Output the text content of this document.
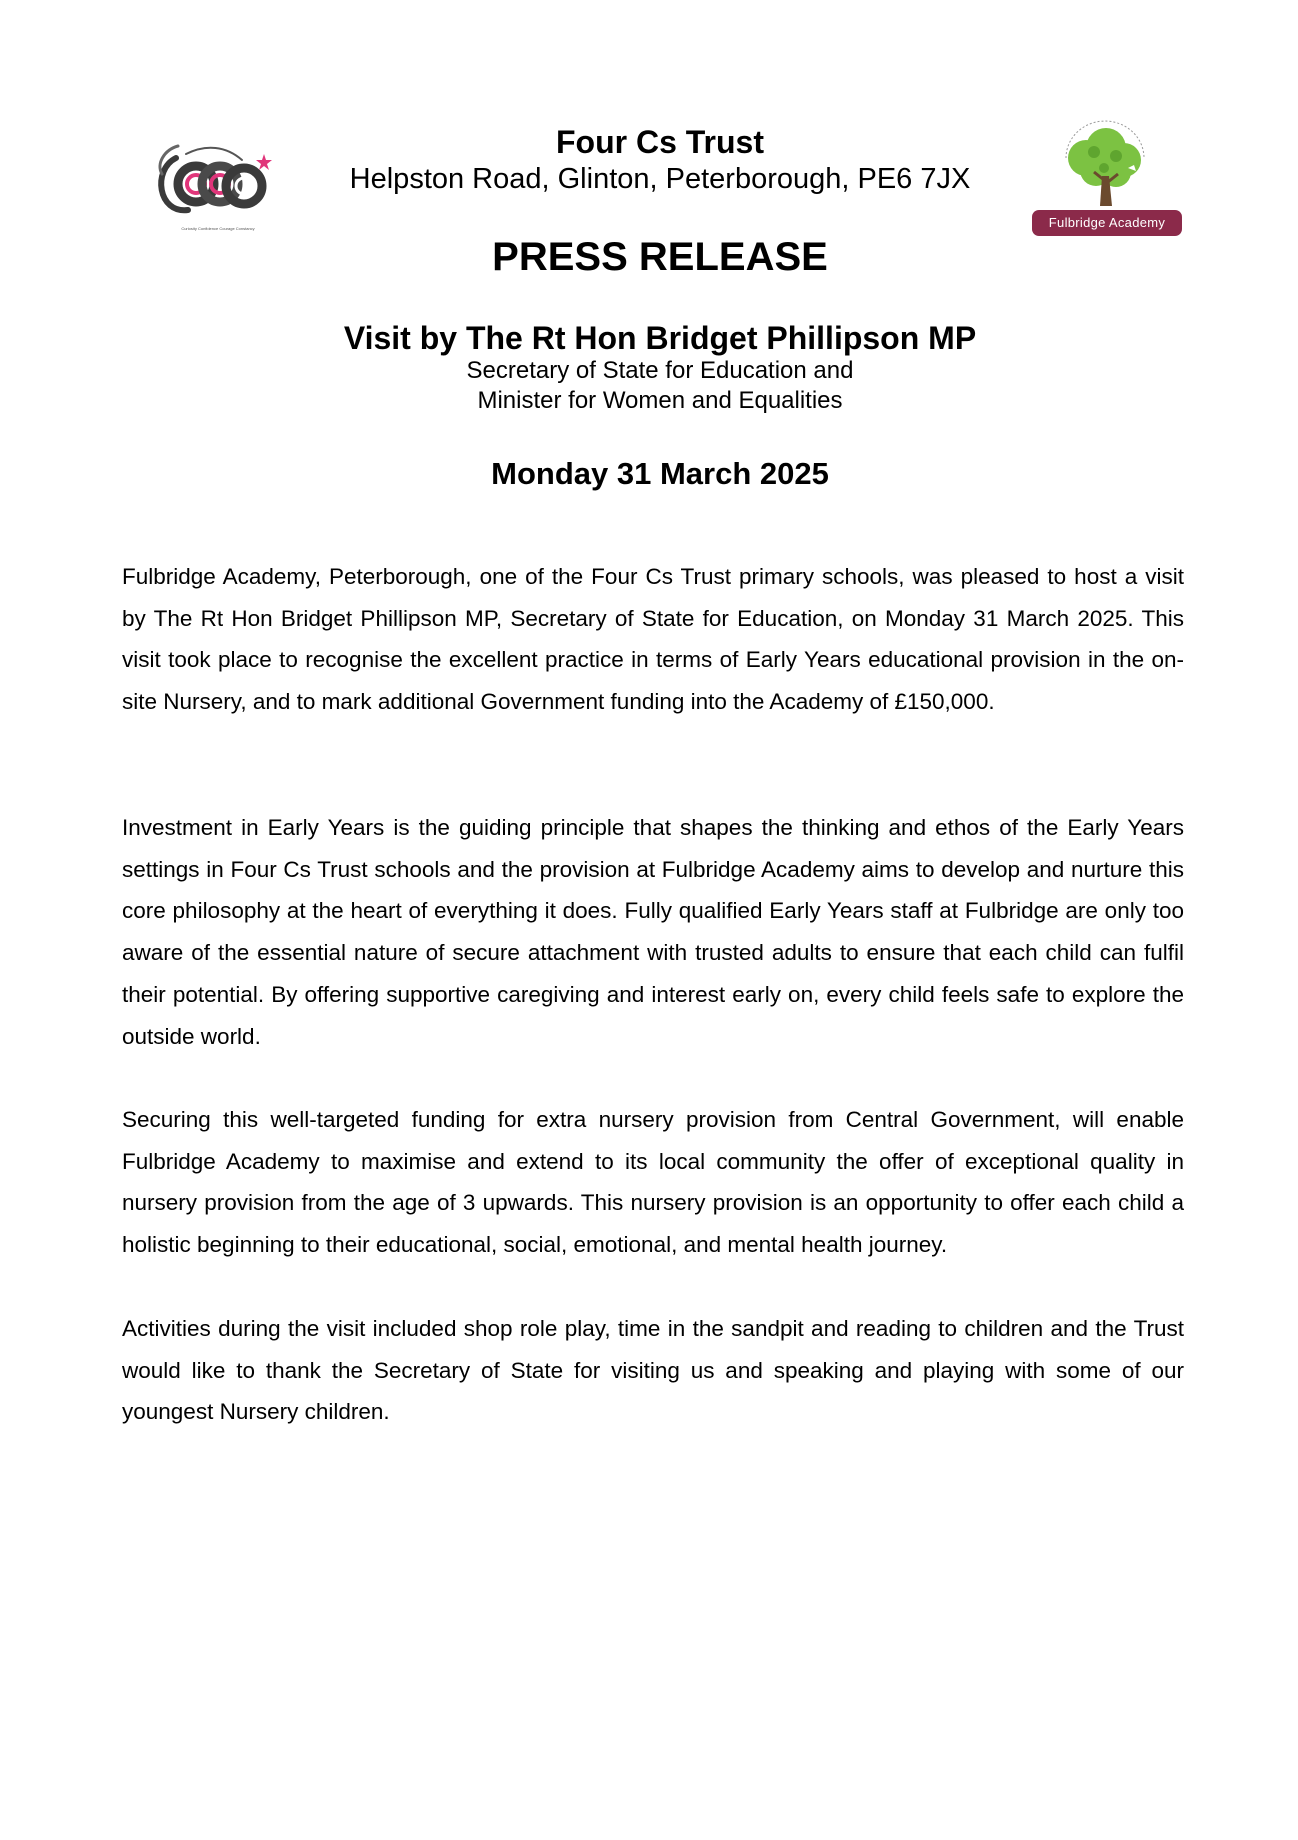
Curiosity Confidence Courage Constancy
Four Cs Trust
Helpston Road, Glinton, Peterborough, PE6 7JX
Fulbridge Academy
PRESS RELEASE
Visit by The Rt Hon Bridget Phillipson MP
Secretary of State for Education and
Minister for Women and Equalities
Monday 31 March 2025

Fulbridge Academy, Peterborough, one of the Four Cs Trust primary schools, was pleased to host a visit by The Rt Hon Bridget Phillipson MP, Secretary of State for Education, on Monday 31 March 2025. This visit took place to recognise the excellent practice in terms of Early Years educational provision in the on-site Nursery, and to mark additional Government funding into the Academy of £150,000.

Investment in Early Years is the guiding principle that shapes the thinking and ethos of the Early Years settings in Four Cs Trust schools and the provision at Fulbridge Academy aims to develop and nurture this core philosophy at the heart of everything it does. Fully qualified Early Years staff at Fulbridge are only too aware of the essential nature of secure attachment with trusted adults to ensure that each child can fulfil their potential. By offering supportive caregiving and interest early on, every child feels safe to explore the outside world.

Securing this well-targeted funding for extra nursery provision from Central Government, will enable Fulbridge Academy to maximise and extend to its local community the offer of exceptional quality in nursery provision from the age of 3 upwards. This nursery provision is an opportunity to offer each child a holistic beginning to their educational, social, emotional, and mental health journey.

Activities during the visit included shop role play, time in the sandpit and reading to children and the Trust would like to thank the Secretary of State for visiting us and speaking and playing with some of our youngest Nursery children.
